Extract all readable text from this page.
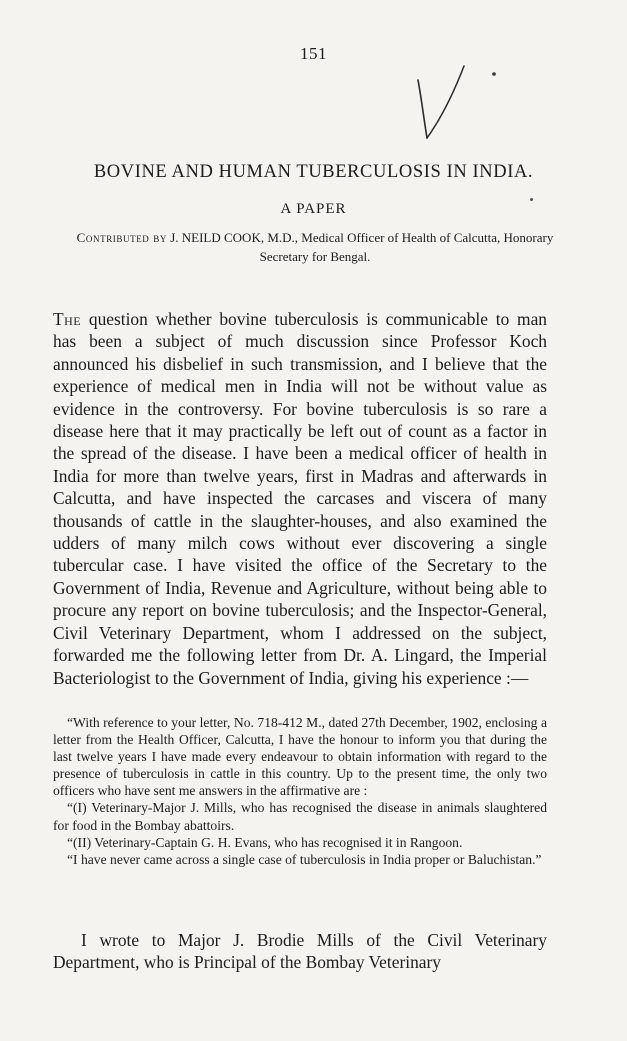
151
BOVINE AND HUMAN TUBERCULOSIS IN INDIA.
A PAPER
Contributed by J. NEILD COOK, M.D., Medical Officer of Health of Calcutta, Honorary Secretary for Bengal.

The question whether bovine tuberculosis is communicable to man has been a subject of much discussion since Professor Koch announced his disbelief in such transmission, and I believe that the experience of medical men in India will not be without value as evidence in the controversy. For bovine tuberculosis is so rare a disease here that it may practically be left out of count as a factor in the spread of the disease. I have been a medical officer of health in India for more than twelve years, first in Madras and afterwards in Calcutta, and have inspected the carcases and viscera of many thousands of cattle in the slaughter-houses, and also examined the udders of many milch cows without ever discovering a single tubercular case. I have visited the office of the Secretary to the Government of India, Revenue and Agriculture, without being able to procure any report on bovine tuberculosis; and the Inspector-General, Civil Veterinary Department, whom I addressed on the subject, forwarded me the following letter from Dr. A. Lingard, the Imperial Bacteriologist to the Government of India, giving his experience :—

“With reference to your letter, No. 718-412 M., dated 27th December, 1902, enclosing a letter from the Health Officer, Calcutta, I have the honour to inform you that during the last twelve years I have made every endeavour to obtain information with regard to the presence of tuberculosis in cattle in this country. Up to the present time, the only two officers who have sent me answers in the affirmative are :

“(I) Veterinary-Major J. Mills, who has recognised the disease in animals slaughtered for food in the Bombay abattoirs.

“(II) Veterinary-Captain G. H. Evans, who has recognised it in Rangoon.

“I have never came across a single case of tuberculosis in India proper or Baluchistan.”

I wrote to Major J. Brodie Mills of the Civil Veterinary Department, who is Principal of the Bombay Veterinary
